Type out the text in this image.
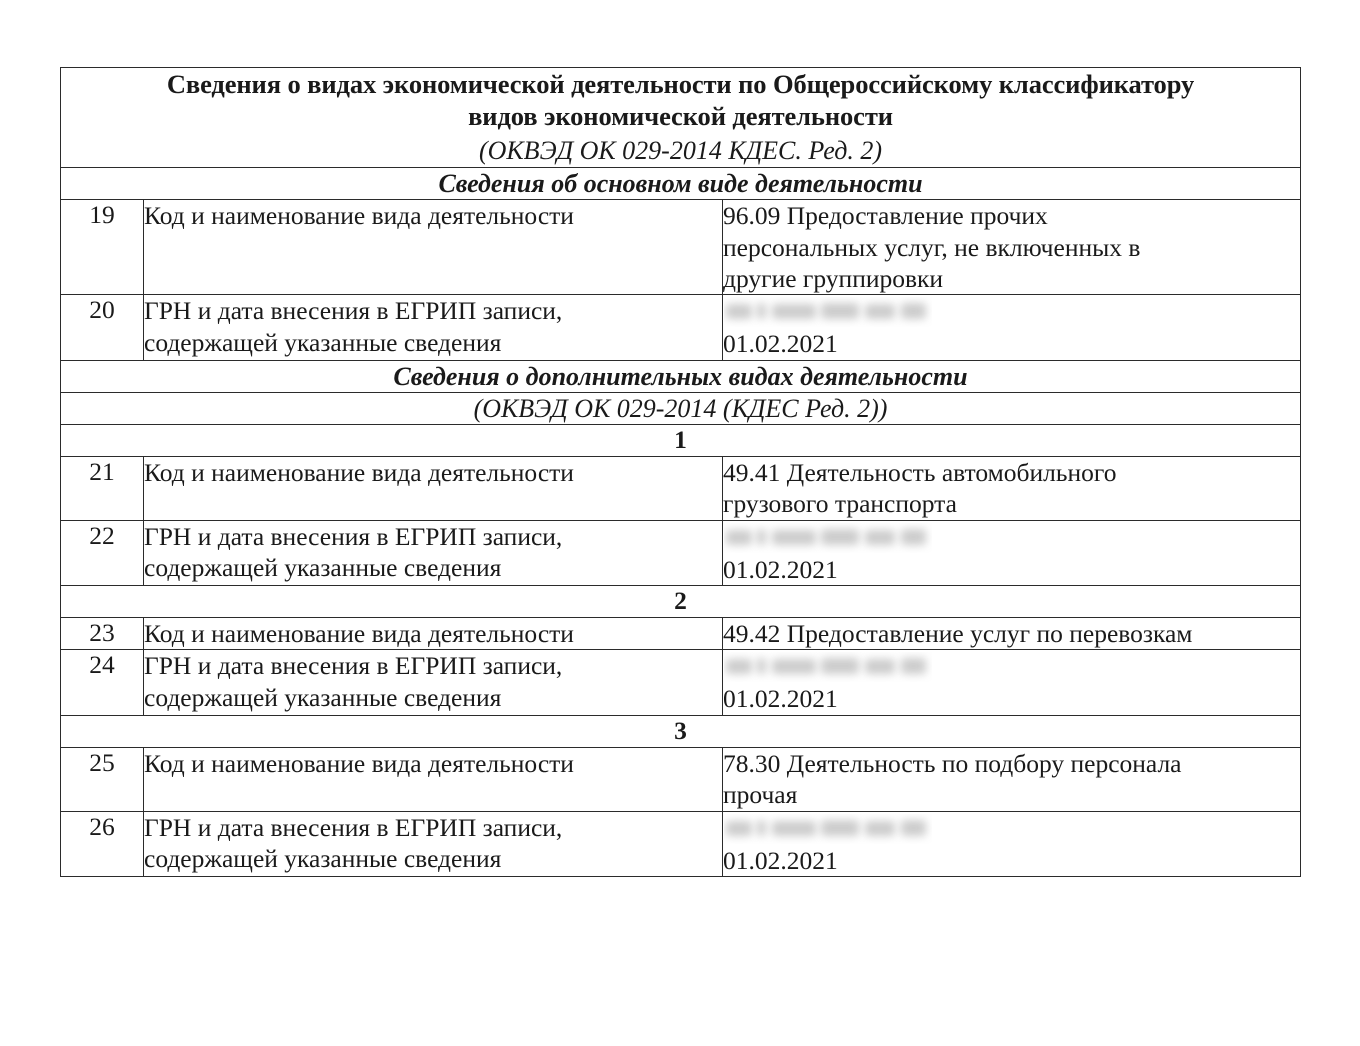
Сведения о видах экономической деятельности по Общероссийскому классификатору
видов экономической деятельности
(ОКВЭД ОК 029-2014 КДЕС. Ред. 2)		

Сведения об основном виде деятельности		
19	Код и наименование вида деятельности	96.09 Предоставление прочих
персональных услуг, не включенных в
другие группировки

20	ГРН и дата внесения в ЕГРИП записи,
содержащей указанные сведения	01.02.2021

Сведения о дополнительных видах деятельности		
(ОКВЭД ОК 029-2014 (КДЕС Ред. 2))		
1		
21	Код и наименование вида деятельности	49.41 Деятельность автомобильного
грузового транспорта

22	ГРН и дата внесения в ЕГРИП записи,
содержащей указанные сведения	01.02.2021

2		
23	Код и наименование вида деятельности	49.42 Предоставление услуг по перевозкам

24	ГРН и дата внесения в ЕГРИП записи,
содержащей указанные сведения	01.02.2021

3		
25	Код и наименование вида деятельности	78.30 Деятельность по подбору персонала
прочая

26	ГРН и дата внесения в ЕГРИП записи,
содержащей указанные сведения	01.02.2021
